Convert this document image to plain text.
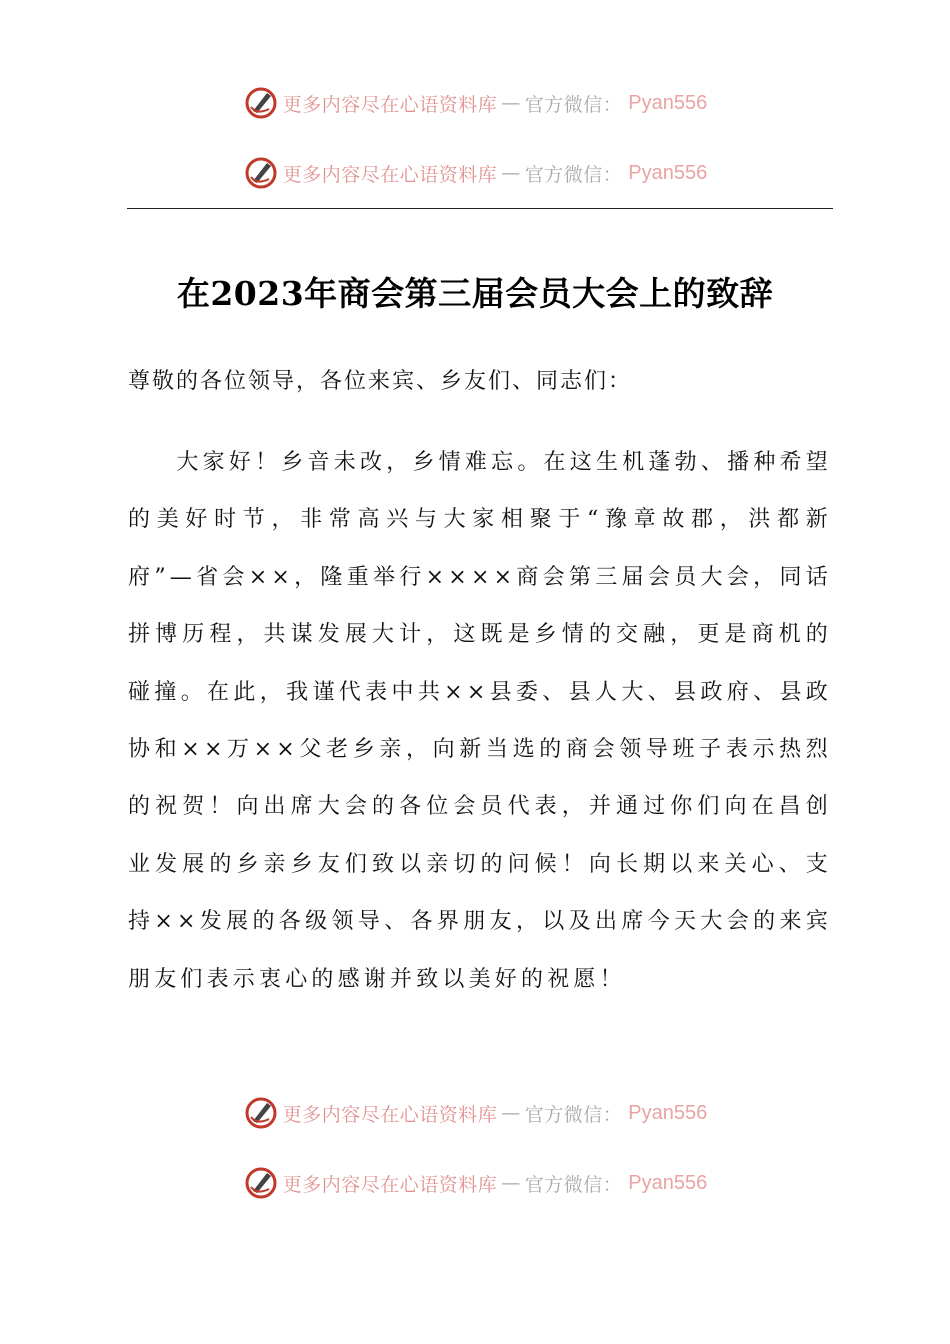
更多内容尽在心语资料库 — 官方微信： Pyan556
更多内容尽在心语资料库 — 官方微信： Pyan556
在2023年商会第三届会员大会上的致辞
尊敬的各位领导，各位来宾、乡友们、同志们：

大家好！乡音未改，乡情难忘。在这生机蓬勃、播种希望的美好时节，非常高兴与大家相聚于“豫章故郡，洪都新府”—省会××，隆重举行××××商会第三届会员大会，同话拼博历程，共谋发展大计，这既是乡情的交融，更是商机的碰撞。在此，我谨代表中共××县委、县人大、县政府、县政协和××万××父老乡亲，向新当选的商会领导班子表示热烈的祝贺！向出席大会的各位会员代表，并通过你们向在昌创业发展的乡亲乡友们致以亲切的问候！向长期以来关心、支持××发展的各级领导、各界朋友，以及出席今天大会的来宾朋友们表示衷心的感谢并致以美好的祝愿！

更多内容尽在心语资料库 — 官方微信： Pyan556
更多内容尽在心语资料库 — 官方微信： Pyan556
